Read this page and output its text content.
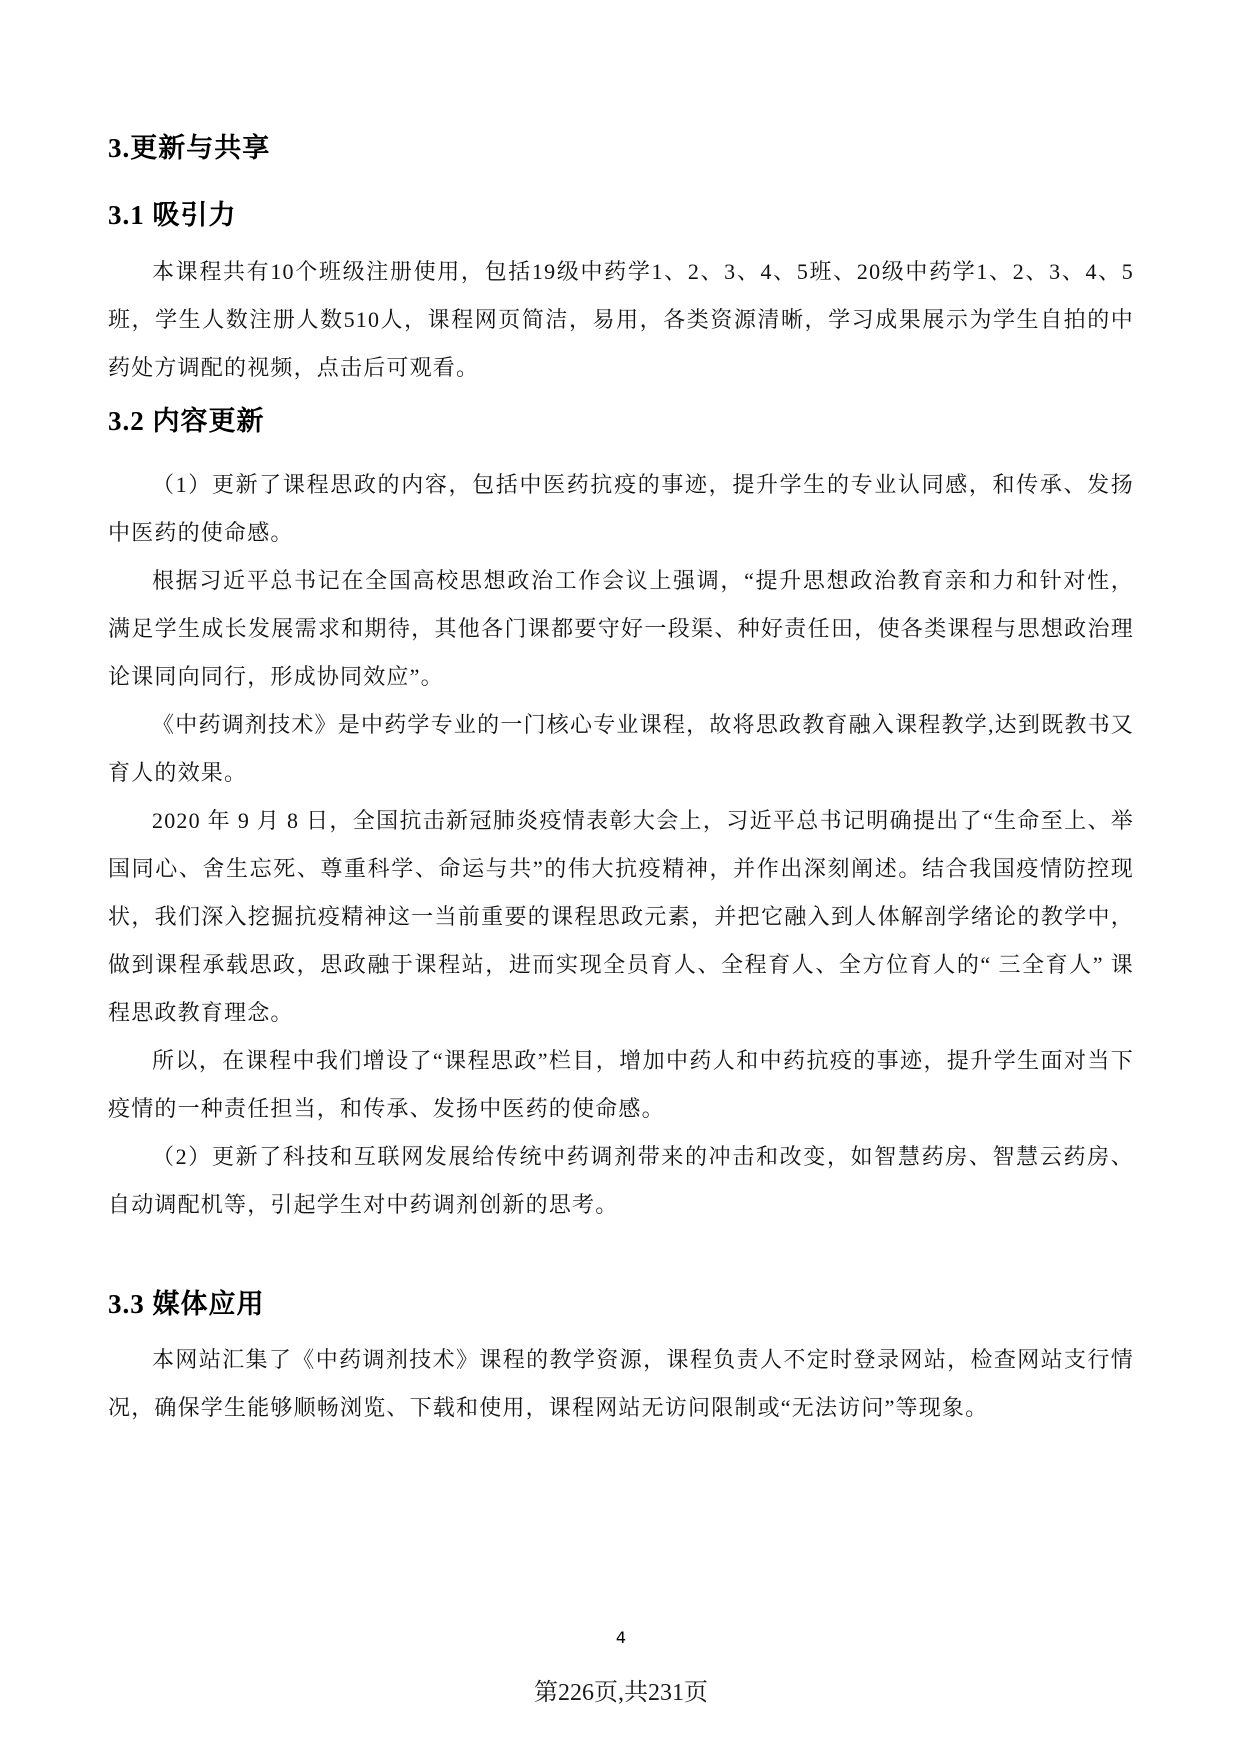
3.更新与共享
3.1 吸引力

本课程共有10个班级注册使用，包括19级中药学1、2、3、4、5班、20级中药学1、2、3、4、5班，学生人数注册人数510人，课程网页简洁，易用，各类资源清晰，学习成果展示为学生自拍的中药处方调配的视频，点击后可观看。

3.2 内容更新

（1）更新了课程思政的内容，包括中医药抗疫的事迹，提升学生的专业认同感，和传承、发扬中医药的使命感。

根据习近平总书记在全国高校思想政治工作会议上强调，“提升思想政治教育亲和力和针对性，满足学生成长发展需求和期待，其他各门课都要守好一段渠、种好责任田，使各类课程与思想政治理论课同向同行，形成协同效应”。

《中药调剂技术》是中药学专业的一门核心专业课程，故将思政教育融入课程教学,达到既教书又育人的效果。

2020 年 9 月 8 日，全国抗击新冠肺炎疫情表彰大会上，习近平总书记明确提出了“生命至上、举国同心、舍生忘死、尊重科学、命运与共”的伟大抗疫精神，并作出深刻阐述。结合我国疫情防控现状，我们深入挖掘抗疫精神这一当前重要的课程思政元素，并把它融入到人体解剖学绪论的教学中，做到课程承载思政，思政融于课程站，进而实现全员育人、全程育人、全方位育人的“ 三全育人” 课程思政教育理念。

所以，在课程中我们增设了“课程思政”栏目，增加中药人和中药抗疫的事迹，提升学生面对当下疫情的一种责任担当，和传承、发扬中医药的使命感。

（2）更新了科技和互联网发展给传统中药调剂带来的冲击和改变，如智慧药房、智慧云药房、自动调配机等，引起学生对中药调剂创新的思考。

3.3 媒体应用

本网站汇集了《中药调剂技术》课程的教学资源，课程负责人不定时登录网站，检查网站支行情况，确保学生能够顺畅浏览、下载和使用，课程网站无访问限制或“无法访问”等现象。

4
第226页,共231页
